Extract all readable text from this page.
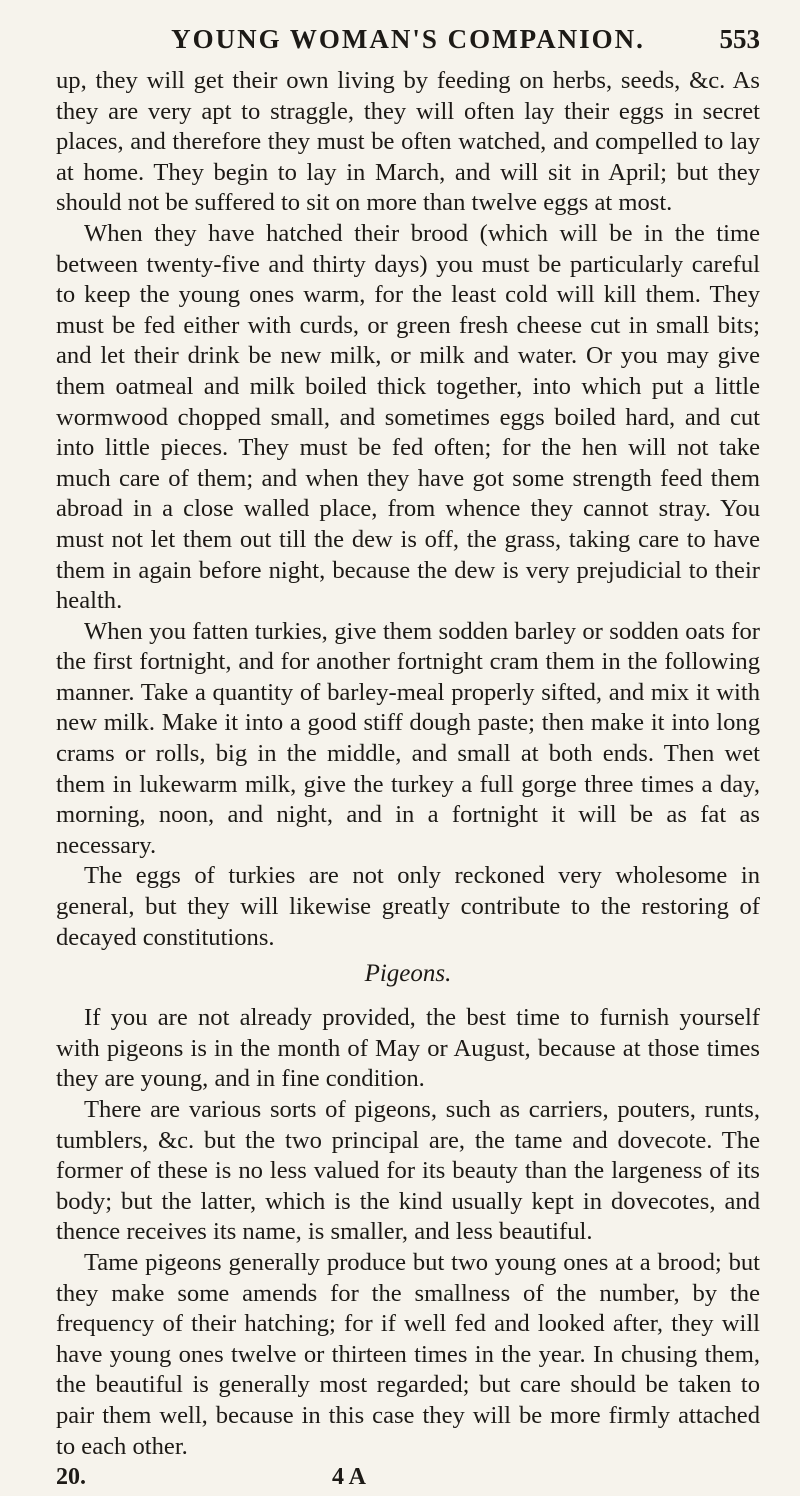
YOUNG WOMAN'S COMPANION.	553

up, they will get their own living by feeding on herbs, seeds, &c. As they are very apt to straggle, they will often lay their eggs in secret places, and therefore they must be often watched, and compelled to lay at home. They begin to lay in March, and will sit in April; but they should not be suffered to sit on more than twelve eggs at most.

When they have hatched their brood (which will be in the time between twenty-five and thirty days) you must be particularly careful to keep the young ones warm, for the least cold will kill them. They must be fed either with curds, or green fresh cheese cut in small bits; and let their drink be new milk, or milk and water. Or you may give them oatmeal and milk boiled thick together, into which put a little wormwood chopped small, and sometimes eggs boiled hard, and cut into little pieces. They must be fed often; for the hen will not take much care of them; and when they have got some strength feed them abroad in a close walled place, from whence they cannot stray. You must not let them out till the dew is off, the grass, taking care to have them in again before night, because the dew is very prejudicial to their health.

When you fatten turkies, give them sodden barley or sodden oats for the first fortnight, and for another fortnight cram them in the following manner. Take a quantity of barley-meal properly sifted, and mix it with new milk. Make it into a good stiff dough paste; then make it into long crams or rolls, big in the middle, and small at both ends. Then wet them in lukewarm milk, give the turkey a full gorge three times a day, morning, noon, and night, and in a fortnight it will be as fat as necessary.

The eggs of turkies are not only reckoned very wholesome in general, but they will likewise greatly contribute to the restoring of decayed constitutions.

Pigeons.

If you are not already provided, the best time to furnish yourself with pigeons is in the month of May or August, because at those times they are young, and in fine condition.

There are various sorts of pigeons, such as carriers, pouters, runts, tumblers, &c. but the two principal are, the tame and dovecote. The former of these is no less valued for its beauty than the largeness of its body; but the latter, which is the kind usually kept in dovecotes, and thence receives its name, is smaller, and less beautiful.

Tame pigeons generally produce but two young ones at a brood; but they make some amends for the smallness of the number, by the frequency of their hatching; for if well fed and looked after, they will have young ones twelve or thirteen times in the year. In chusing them, the beautiful is generally most regarded; but care should be taken to pair them well, because in this case they will be more firmly attached to each other.

20.	4 A
